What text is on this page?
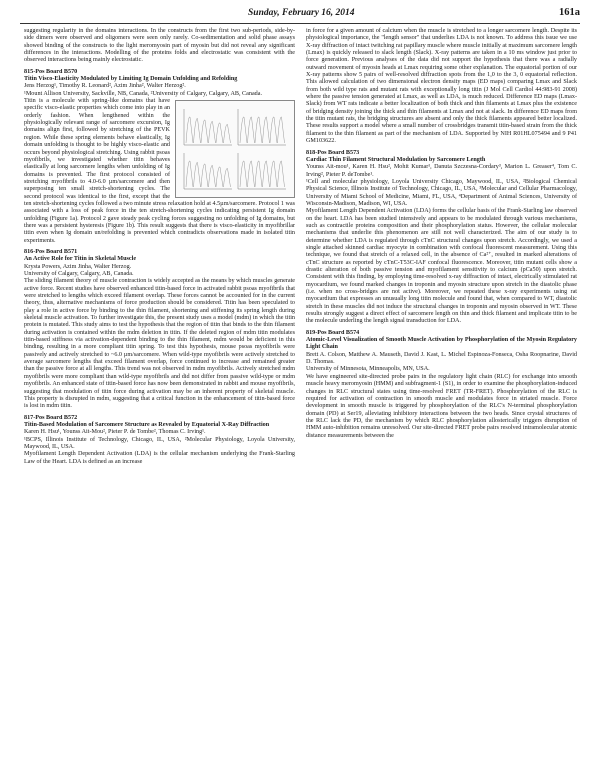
Sunday, February 16, 2014	161a

suggesting regularity in the domains interactions. In the constructs from the first two sub-periods, side-by-side dimers were observed and oligomers were seen only rarely. Co-sedimentation and solid phase assays showed binding of the constructs to the light meromyosin part of myosin but did not reveal any significant differences in the interactions. Modelling of the proteins folds and electrostatic was consistent with the observed interactions being mainly electrostatic.

815-Pos Board B570

Titin Visco-Elasticity Modulated by Limiting Ig Domain Unfolding and Refolding

Jens Herzog¹, Timothy R. Leonard², Azim Jinha², Walter Herzog².

¹Mount Allison University, Sackville, NB, Canada, ²University of Calgary, Calgary, AB, Canada.

Titin is a molecule with spring-like domains that have specific visco-elastic properties which come into play in an orderly fashion. When lengthened within the physiologically relevant range of sarcomere excursion, Ig domains align first, followed by stretching of the PEVK region. While these spring elements behave elastically, Ig domain unfolding is thought to be highly visco-elastic and occurs beyond physiological stretching. Using rabbit psoas myofibrils, we investigated whether titin behaves elastically at long sarcomere lengths when unfolding of Ig domains is prevented. The first protocol consisted of stretching myofibrils to 4.0-6.0 µm/sarcomere and then superposing ten small stretch-shortening cycles. The second protocol was identical to the first, except that the ten stretch-shortening cycles followed a two minute stress relaxation hold at 4.5µm/sarcomere. Protocol 1 was associated with a loss of peak force in the ten stretch-shortening cycles indicating persistent Ig domain unfolding (Figure 1a). Protocol 2 gave steady peak cycling forces suggesting no unfolding of Ig domains, but there was a persistent hysteresis (Figure 1b). This result suggests that there is visco-elasticity in myofibrillar titin even when Ig domain un/refolding is prevented which contradicts observations made in isolated titin experiments.

816-Pos Board B571

An Active Role for Titin in Skeletal Muscle

Krysta Powers, Azim Jinha, Walter Herzog.

University of Calgary, Calgary, AB, Canada.

The sliding filament theory of muscle contraction is widely accepted as the means by which muscles generate active force. Recent studies have observed enhanced titin-based force in activated rabbit psoas myofibrils that were stretched to lengths which exceed filament overlap. These forces cannot be accounted for in the current theory, thus, alternative mechanisms of force production should be considered. Titin has been speculated to play a role in active force by binding to the thin filament, shortening and stiffening its spring length during skeletal muscle activation. To further investigate this, the present study uses a model (mdm) in which the titin protein is mutated. This study aims to test the hypothesis that the region of titin that binds to the thin filament during activation is contained within the mdm deletion in titin. If the deleted region of mdm titin modulates titin-based stiffness via activation-dependent binding to the thin filament, mdm would be deficient in this binding, resulting in a more compliant titin spring. To test this hypothesis, mouse psoas myofibrils were passively and actively stretched to ~6.0 µm/sarcomere. When wild-type myofibrils were actively stretched to average sarcomere lengths that exceed filament overlap, force continued to increase and remained greater than the passive force at all lengths. This trend was not observed in mdm myofibrils. Actively stretched mdm myofibrils were more compliant than wild-type myofibrils and did not differ from passive wild-type or mdm myofibrils. An enhanced state of titin-based force has now been demonstrated in rabbit and mouse myofibrils, suggesting that modulation of titin force during activation may be an inherent property of skeletal muscle. This property is disrupted in mdm, suggesting that a critical function in the enhancement of titin-based force is lost in mdm titin.

817-Pos Board B572

Titin-Based Modulation of Sarcomere Structure as Revealed by Equatorial X-Ray Diffraction

Karen H. Hsu¹, Younss Ait-Mou², Pieter P. de Tombe², Thomas C. Irving¹.

¹BCPS, Illinois Institute of Technology, Chicago, IL, USA, ²Molecular Physiology, Loyola University, Maywood, IL, USA.

Myofilament Length Dependent Activation (LDA) is the cellular mechanism underlying the Frank-Starling Law of the Heart. LDA is defined as an increase

in force for a given amount of calcium when the muscle is stretched to a longer sarcomere length. Despite its physiological importance, the "length sensor" that underlies LDA is not known. To address this issue we use X-ray diffraction of intact twitching rat papillary muscle where muscle initially at maximum sarcomere length (Lmax) is quickly released to slack length (Slack). X-ray patterns are taken in a 10 ms window just prior to force generation. Previous analyses of the data did not support the hypothesis that there was a radially outward movement of myosin heads at Lmax requiring some other explanation. The equatorial portion of our X-ray patterns show 5 pairs of well-resolved diffraction spots from the 1,0 to the 3, 0 equatorial reflection. This allowed calculation of two dimensional electron density maps (ED maps) comparing Lmax and Slack from both wild type rats and mutant rats with exceptionally long titin (J Mol Cell Cardiol 44:983-91 2008) where the passive tension generated at Lmax, as well as LDA, is much reduced. Difference ED maps (Lmax-Slack) from WT rats indicate a better localization of both thick and thin filaments at Lmax plus the existence of bridging density joining the thick and thin filaments at Lmax and not at slack. In difference ED maps from the titin mutant rats, the bridging structures are absent and only the thick filaments appeared better localized. These results support a model where a small number of crossbridges transmit titin-based strain from the thick filament to the thin filament as part of the mechanism of LDA. Supported by NIH R01HL075494 and 9 P41 GM103622.

818-Pos Board B573

Cardiac Thin Filament Structural Modulation by Sarcomere Length

Younss Ait-mou¹, Karen H. Hsu², Mohit Kumar¹, Danuta Szczesna-Cordary³, Marion L. Greaser⁴, Tom C. Irving², Pieter P. deTombe¹.

¹Cell and molecular physiology, Loyola University Chicago, Maywood, IL, USA, ²Biological Chemical Physical Science, Illinois Institute of Technology, Chicago, IL, USA, ³Molecular and Cellular Pharmacology, University of Miami School of Medicine, Miami, FL, USA, ⁴Department of Animal Sciences, University of Wisconsin-Madison, Madison, WI, USA.

Myofilament Length Dependent Activation (LDA) forms the cellular basis of the Frank-Starling law observed on the heart. LDA has been studied intensively and appears to be modulated through various mechanisms, such as contractile proteins composition and their phosphorylation status. However, the cellular molecular mechanisms that underlie this phenomenon are still not well characterized. The aim of our study is to determine whether LDA is regulated through cTnC structural changes upon stretch. Accordingly, we used a single attached skinned cardiac myocyte in combination with confocal fluorescent measurement. Using this technique, we found that stretch of a relaxed cell, in the absence of Ca²⁺, resulted in marked alterations of cTnC structure as reported by cTnC-T53C-IAF confocal fluorescence. Moreover, titin mutant cells show a drastic alteration of both passive tension and myofilament sensitivity to calcium (pCa50) upon stretch. Consistent with this finding, by employing time-resolved x-ray diffraction of intact, electrically stimulated rat myocardium, we found marked changes in troponin and myosin structure upon stretch in the diastolic phase (i.e. when no cross-bridges are not active). Moreover, we repeated these x-ray experiments using rat myocardium that expresses an unusually long titin molecule and found that, when compared to WT, diastolic stretch in these muscles did not induce the structural changes in troponin and myosin observed in WT. These results strongly suggest a direct effect of sarcomere length on thin and thick filament and implicate titin to be the molecule underling the length signal transduction for LDA.

819-Pos Board B574

Atomic-Level Visualization of Smooth Muscle Activation by Phosphorylation of the Myosin Regulatory Light Chain

Brett A. Colson, Matthew A. Mauseth, David J. Kast, L. Michel Espinoza-Fonseca, Osha Roopnarine, David D. Thomas.

University of Minnesota, Minneapolis, MN, USA.

We have engineered site-directed probe pairs in the regulatory light chain (RLC) for exchange into smooth muscle heavy meromyosin (HMM) and subfragment-1 (S1), in order to examine the phosphorylation-induced changes in RLC structural states using time-resolved FRET (TR-FRET). Phosphorylation of the RLC is required for activation of contraction in smooth muscle and modulates force in striated muscle. Force development in smooth muscle is triggered by phosphorylation of the RLC's N-terminal phosphorylation domain (PD) at Ser19, alleviating inhibitory interactions between the two heads. Since crystal structures of the RLC lack the PD, the mechanism by which RLC phosphorylation allosterically triggers disruption of HMM auto-inhibition remains unresolved. Our site-directed FRET probe pairs resolved intramolecular atomic distance measurements between the
